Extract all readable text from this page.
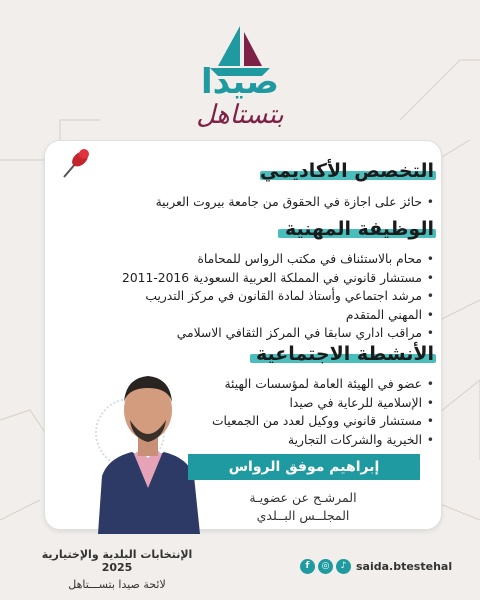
صيدا
بتستاهل
التخصص الأكاديمي
• حائز على اجازة في الحقوق من جامعة بيروت العربية
الوظيفة المهنية
• محام بالاستئناف في مكتب الرواس للمحاماة
• مستشار قانوني في المملكة العربية السعودية 2016-2011
• مرشد اجتماعي وأستاذ لمادة القانون في مركز التدريب
• المهني المتقدم
• مراقب اداري سابقا في المركز الثقافي الاسلامي
الأنشطة الاجتماعية
• عضو في الهيئة العامة لمؤسسات الهيئة
• الإسلامية للرعاية في صيدا
• مستشار قانوني ووكيل لعدد من الجمعيات
• الخيرية والشركات التجارية
إبراهيم موفق الرواس
المرشـح عن عضويـة
المجلــس البــلدي
الإنتخابات البلدية والإختيارية 2025
لائحة صيدا بتســـتاهل
f	◎	♪ saida.btestehal
